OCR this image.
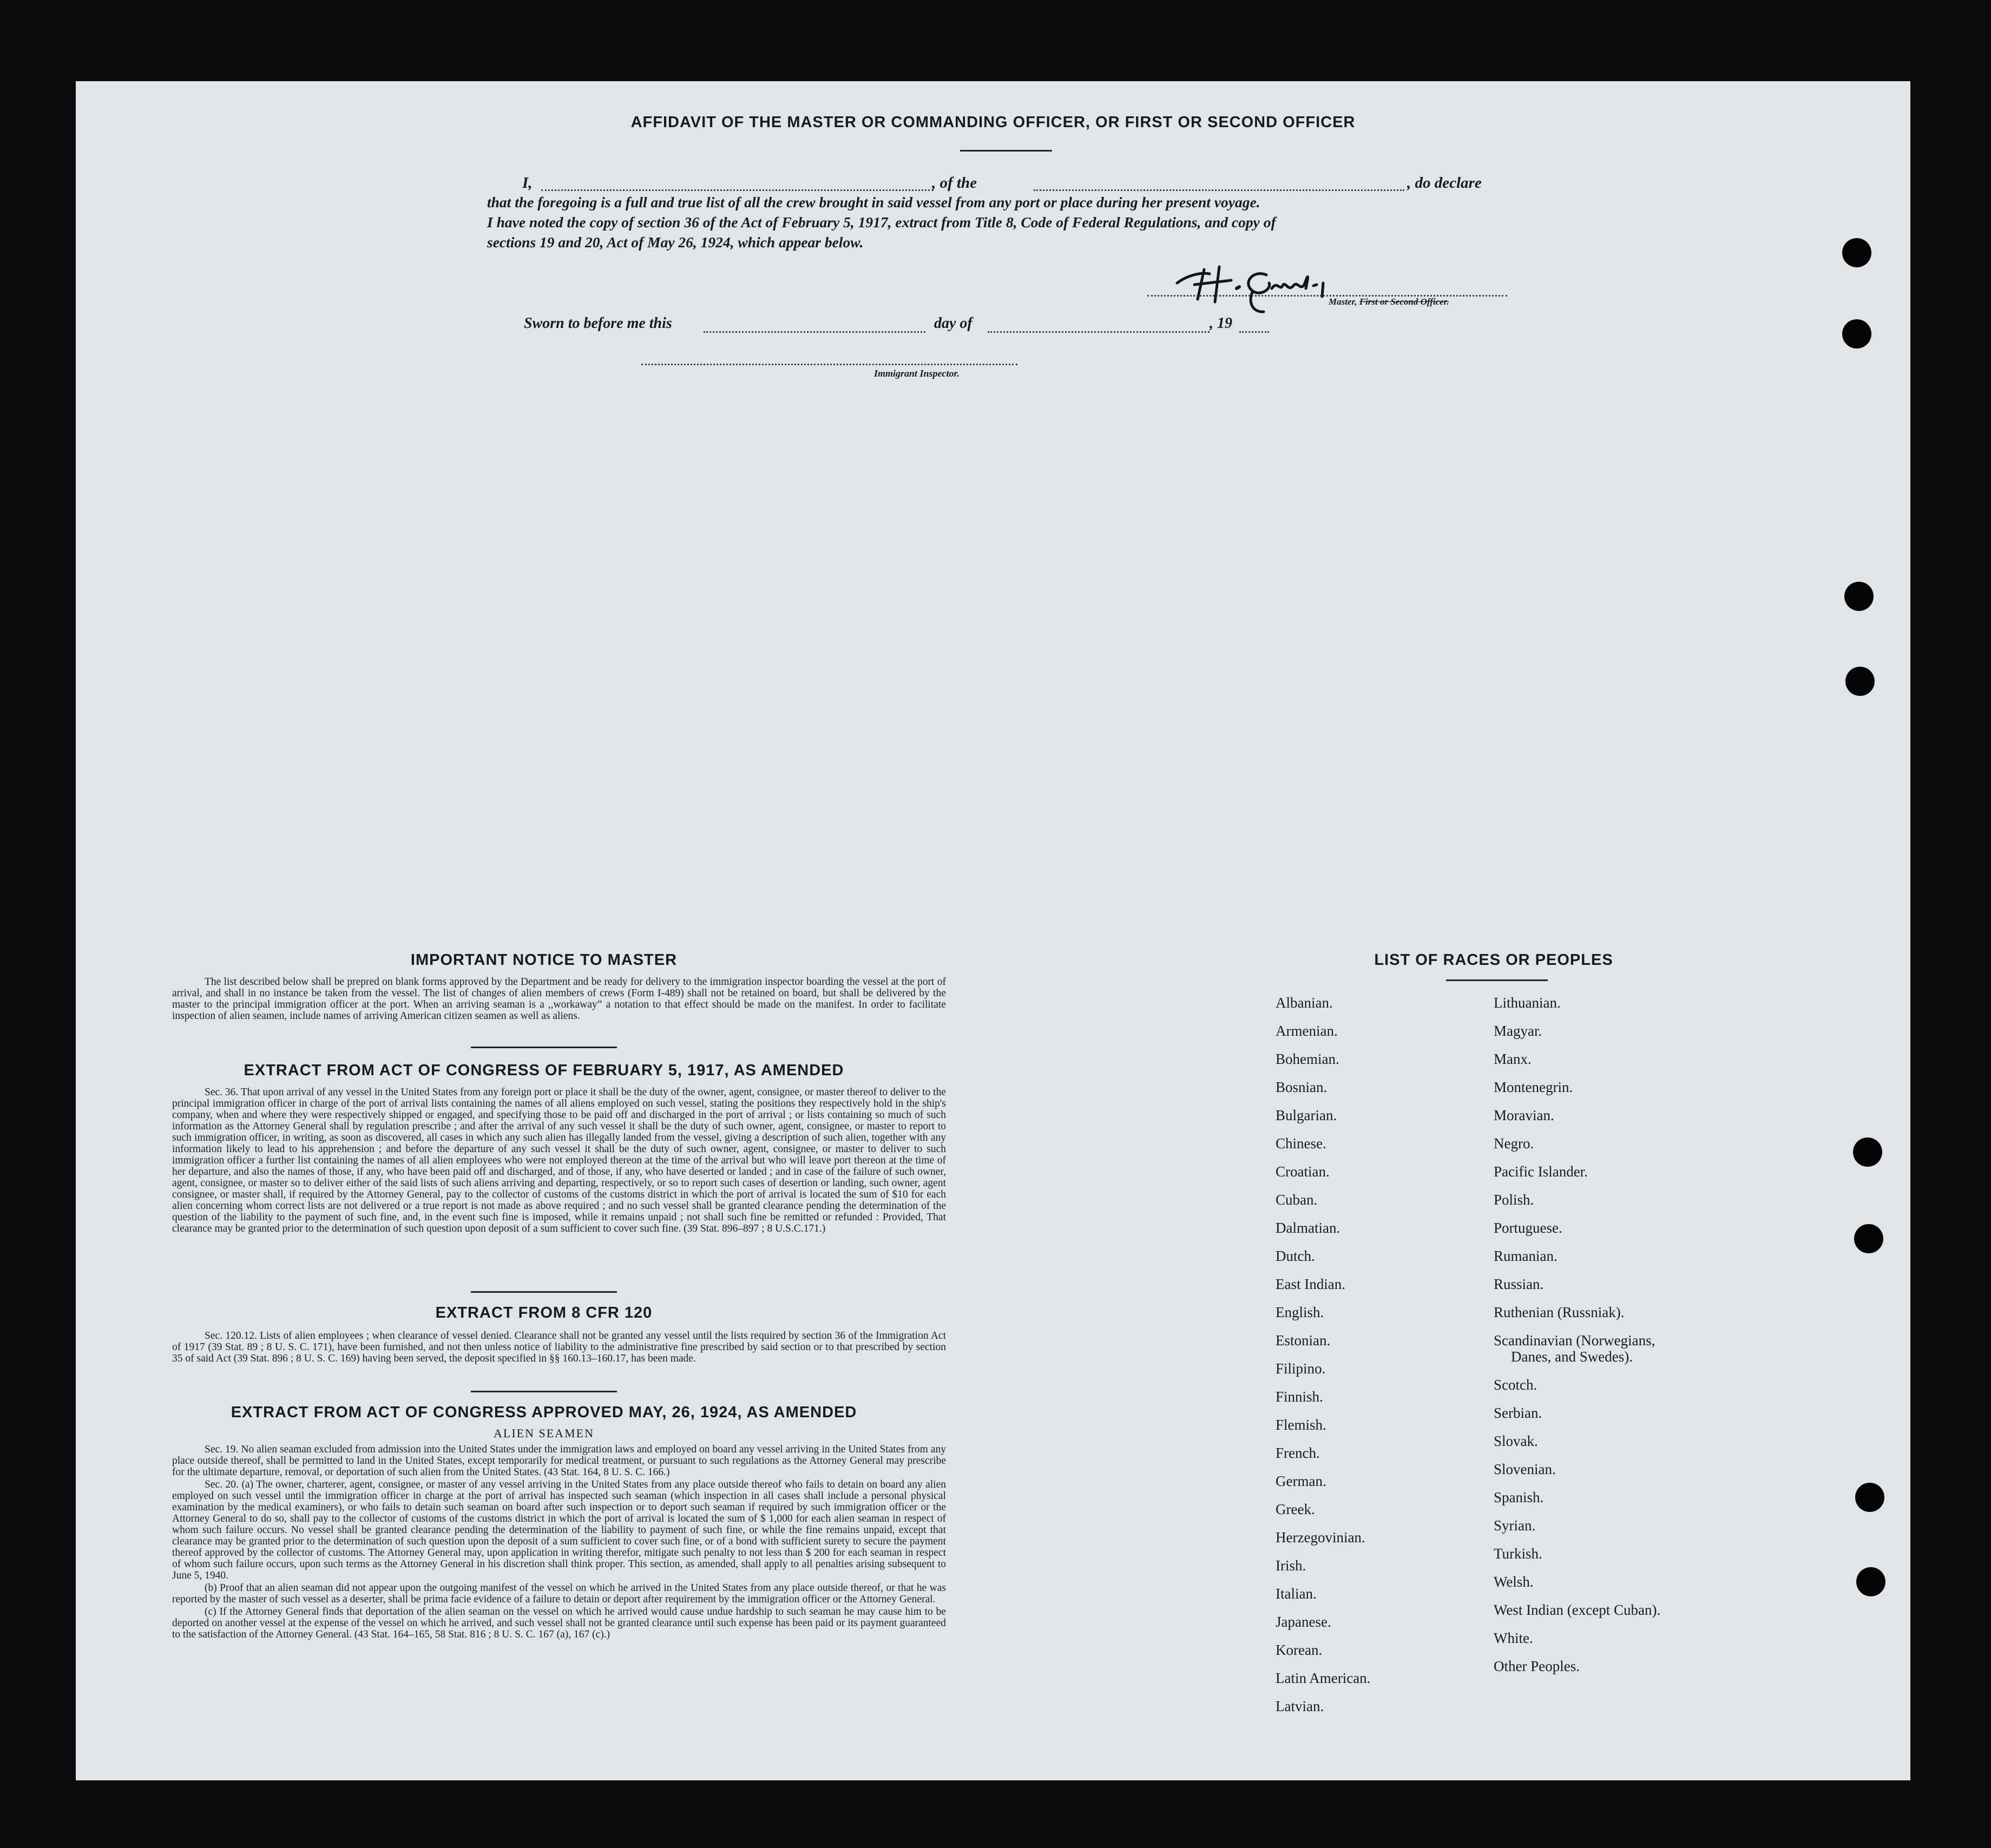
AFFIDAVIT OF THE MASTER OR COMMANDING OFFICER, OR FIRST OR SECOND OFFICER
I,	, of the	, do declare
that the foregoing is a full and true list of all the crew brought in said vessel from any port or place during her present voyage.
I have noted the copy of section 36 of the Act of February 5, 1917, extract from Title 8, Code of Federal Regulations, and copy of
sections 19 and 20, Act of May 26, 1924, which appear below.
Master, First or Second Officer.
Sworn to before me this	day of	, 19
Immigrant Inspector.
IMPORTANT NOTICE TO MASTER

The list described below shall be prepred on blank forms approved by the Department and be ready for delivery to the immigration inspector boarding the vessel at the port of arrival, and shall in no instance be taken from the vessel. The list of changes of alien members of crews (Form I-489) shall not be retained on board, but shall be delivered by the master to the principal immigration officer at the port. When an arriving seaman is a ,,workaway” a notation to that effect should be made on the manifest. In order to facilitate inspection of alien seamen, include names of arriving American citizen seamen as well as aliens.

EXTRACT FROM ACT OF CONGRESS OF FEBRUARY 5, 1917, AS AMENDED

Sec. 36. That upon arrival of any vessel in the United States from any foreign port or place it shall be the duty of the owner, agent, consignee, or master thereof to deliver to the principal immigration officer in charge of the port of arrival lists containing the names of all aliens employed on such vessel, stating the positions they respectively hold in the ship's company, when and where they were respectively shipped or engaged, and specifying those to be paid off and discharged in the port of arrival ; or lists containing so much of such information as the Attorney General shall by regulation prescribe ; and after the arrival of any such vessel it shall be the duty of such owner, agent, consignee, or master to report to such immigration officer, in writing, as soon as discovered, all cases in which any such alien has illegally landed from the vessel, giving a description of such alien, together with any information likely to lead to his apprehension ; and before the departure of any such vessel it shall be the duty of such owner, agent, consignee, or master to deliver to such immigration officer a further list containing the names of all alien employees who were not employed thereon at the time of the arrival but who will leave port thereon at the time of her departure, and also the names of those, if any, who have been paid off and discharged, and of those, if any, who have deserted or landed ; and in case of the failure of such owner, agent, consignee, or master so to deliver either of the said lists of such aliens arriving and departing, respectively, or so to report such cases of desertion or landing, such owner, agent consignee, or master shall, if required by the Attorney General, pay to the collector of customs of the customs district in which the port of arrival is located the sum of $10 for each alien concerning whom correct lists are not delivered or a true report is not made as above required ; and no such vessel shall be granted clearance pending the determination of the question of the liability to the payment of such fine, and, in the event such fine is imposed, while it remains unpaid ; not shall such fine be remitted or refunded : Provided, That clearance may be granted prior to the determination of such question upon deposit of a sum sufficient to cover such fine. (39 Stat. 896–897 ; 8 U.S.C.171.)

EXTRACT FROM 8 CFR 120

Sec. 120.12. Lists of alien employees ; when clearance of vessel denied. Clearance shall not be granted any vessel until the lists required by section 36 of the Immigration Act of 1917 (39 Stat. 89 ; 8 U. S. C. 171), have been furnished, and not then unless notice of liability to the administrative fine prescribed by said section or to that prescribed by section 35 of said Act (39 Stat. 896 ; 8 U. S. C. 169) having been served, the deposit specified in §§ 160.13–160.17, has been made.

EXTRACT FROM ACT OF CONGRESS APPROVED MAY, 26, 1924, AS AMENDED
ALIEN SEAMEN

Sec. 19. No alien seaman excluded from admission into the United States under the immigration laws and employed on board any vessel arriving in the United States from any place outside thereof, shall be permitted to land in the United States, except temporarily for medical treatment, or pursuant to such regulations as the Attorney General may prescribe for the ultimate departure, removal, or deportation of such alien from the United States. (43 Stat. 164, 8 U. S. C. 166.)

Sec. 20. (a) The owner, charterer, agent, consignee, or master of any vessel arriving in the United States from any place outside thereof who fails to detain on board any alien employed on such vessel until the immigration officer in charge at the port of arrival has inspected such seaman (which inspection in all cases shall include a personal physical examination by the medical examiners), or who fails to detain such seaman on board after such inspection or to deport such seaman if required by such immigration officer or the Attorney General to do so, shall pay to the collector of customs of the customs district in which the port of arrival is located the sum of $ 1,000 for each alien seaman in respect of whom such failure occurs. No vessel shall be granted clearance pending the determination of the liability to payment of such fine, or while the fine remains unpaid, except that clearance may be granted prior to the determination of such question upon the deposit of a sum sufficient to cover such fine, or of a bond with sufficient surety to secure the payment thereof approved by the collector of customs. The Attorney General may, upon application in writing therefor, mitigate such penalty to not less than $ 200 for each seaman in respect of whom such failure occurs, upon such terms as the Attorney General in his discretion shall think proper. This section, as amended, shall apply to all penalties arising subsequent to June 5, 1940.

(b) Proof that an alien seaman did not appear upon the outgoing manifest of the vessel on which he arrived in the United States from any place outside thereof, or that he was reported by the master of such vessel as a deserter, shall be prima facie evidence of a failure to detain or deport after requirement by the immigration officer or the Attorney General.

(c) If the Attorney General finds that deportation of the alien seaman on the vessel on which he arrived would cause undue hardship to such seaman he may cause him to be deported on another vessel at the expense of the vessel on which he arrived, and such vessel shall not be granted clearance until such expense has been paid or its payment guaranteed to the satisfaction of the Attorney General. (43 Stat. 164–165, 58 Stat. 816 ; 8 U. S. C. 167 (a), 167 (c).)

LIST OF RACES OR PEOPLES
Albanian.
Armenian.
Bohemian.
Bosnian.
Bulgarian.
Chinese.
Croatian.
Cuban.
Dalmatian.
Dutch.
East Indian.
English.
Estonian.
Filipino.
Finnish.
Flemish.
French.
German.
Greek.
Herzegovinian.
Irish.
Italian.
Japanese.
Korean.
Latin American.
Latvian.
Lithuanian.
Magyar.
Manx.
Montenegrin.
Moravian.
Negro.
Pacific Islander.
Polish.
Portuguese.
Rumanian.
Russian.
Ruthenian (Russniak).
Scandinavian (Norwegians,
Danes, and Swedes).
Scotch.
Serbian.
Slovak.
Slovenian.
Spanish.
Syrian.
Turkish.
Welsh.
West Indian (except Cuban).
White.
Other Peoples.
